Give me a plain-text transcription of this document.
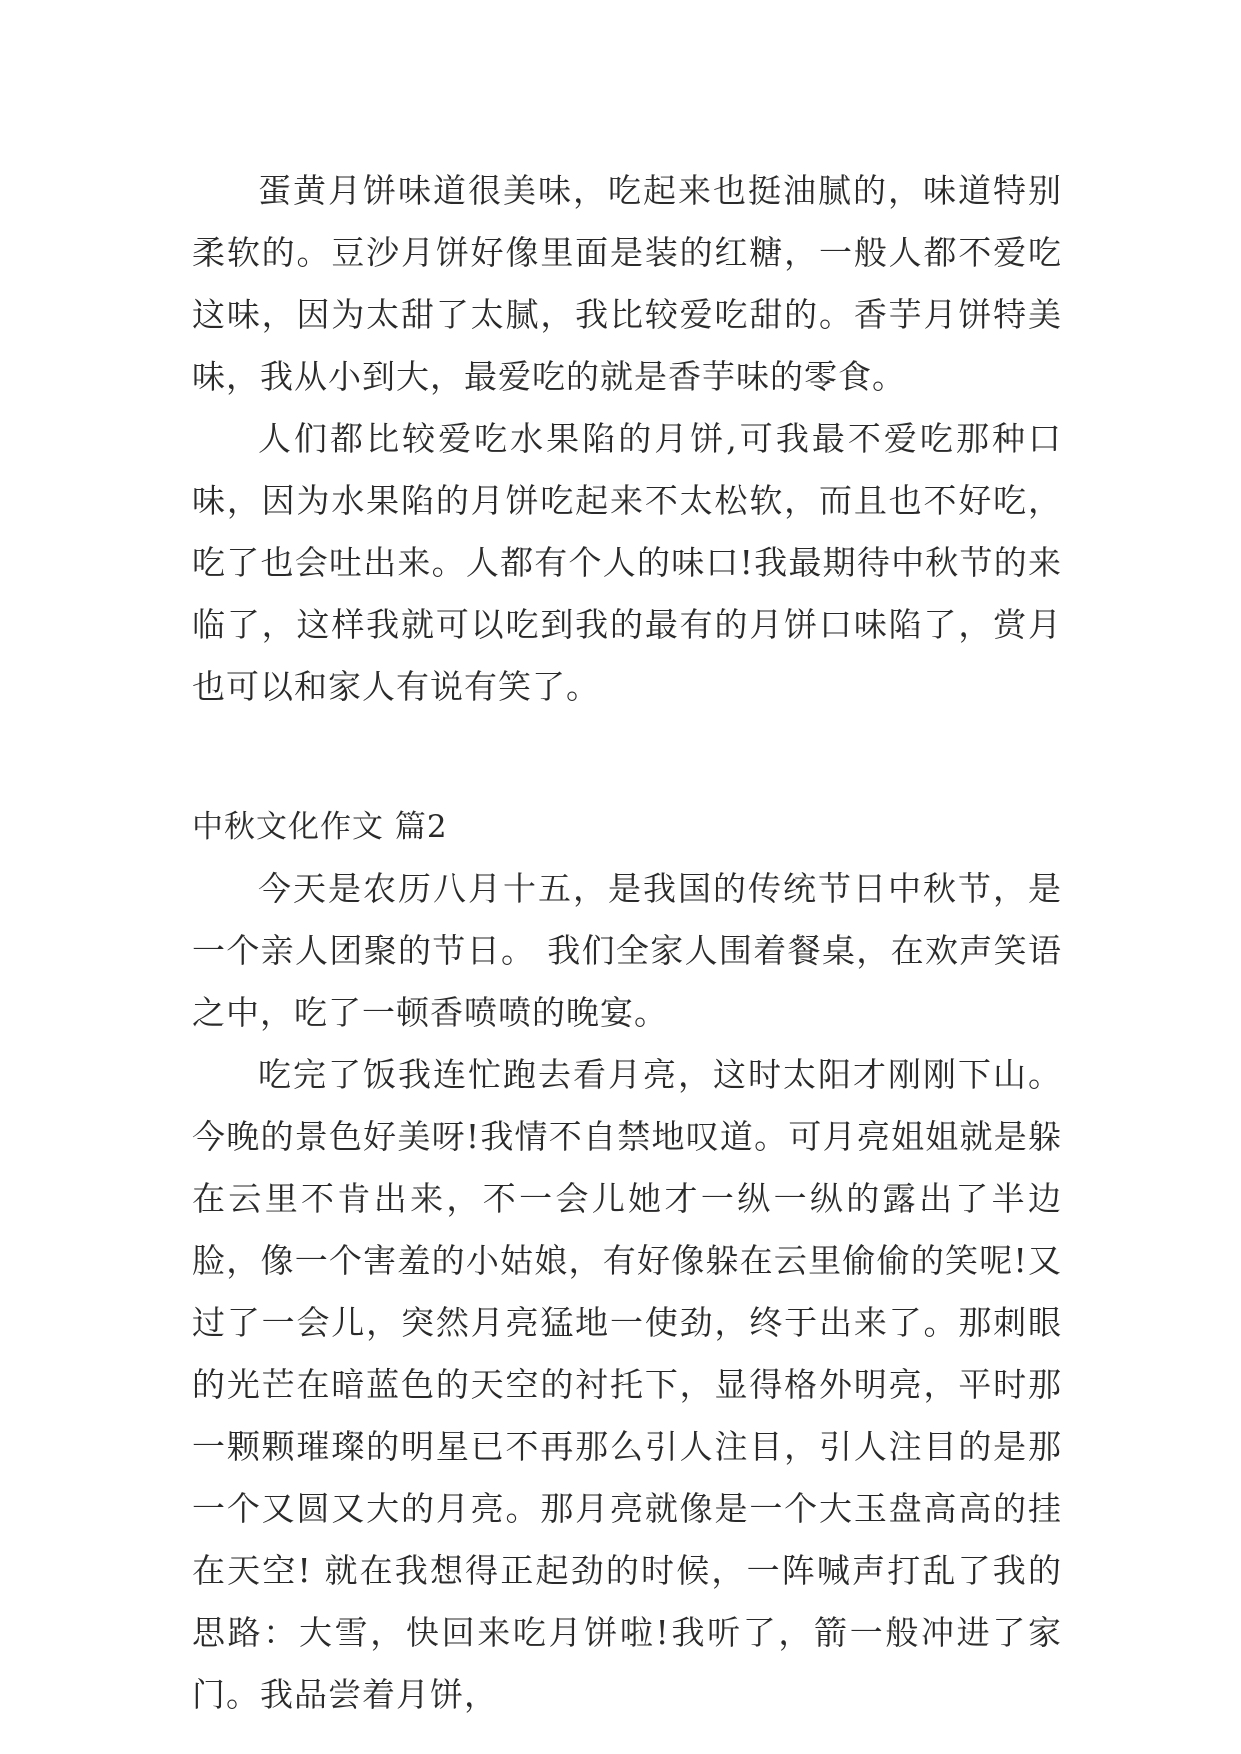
蛋黄月饼味道很美味，吃起来也挺油腻的，味道特别柔软的。豆沙月饼好像里面是装的红糖，一般人都不爱吃这味，因为太甜了太腻，我比较爱吃甜的。香芋月饼特美味，我从小到大，最爱吃的就是香芋味的零食。

人们都比较爱吃水果陷的月饼,可我最不爱吃那种口味，因为水果陷的月饼吃起来不太松软，而且也不好吃，吃了也会吐出来。人都有个人的味口!我最期待中秋节的来临了，这样我就可以吃到我的最有的月饼口味陷了，赏月也可以和家人有说有笑了。

中秋文化作文 篇2

今天是农历八月十五，是我国的传统节日中秋节，是一个亲人团聚的节日。 我们全家人围着餐桌，在欢声笑语之中，吃了一顿香喷喷的晚宴。

吃完了饭我连忙跑去看月亮，这时太阳才刚刚下山。今晚的景色好美呀!我情不自禁地叹道。可月亮姐姐就是躲在云里不肯出来，不一会儿她才一纵一纵的露出了半边脸，像一个害羞的小姑娘，有好像躲在云里偷偷的笑呢!又过了一会儿，突然月亮猛地一使劲，终于出来了。那刺眼的光芒在暗蓝色的天空的衬托下，显得格外明亮，平时那一颗颗璀璨的明星已不再那么引人注目，引人注目的是那一个又圆又大的月亮。那月亮就像是一个大玉盘高高的挂在天空! 就在我想得正起劲的时候，一阵喊声打乱了我的思路：大雪，快回来吃月饼啦!我听了，箭一般冲进了家门。我品尝着月饼，
